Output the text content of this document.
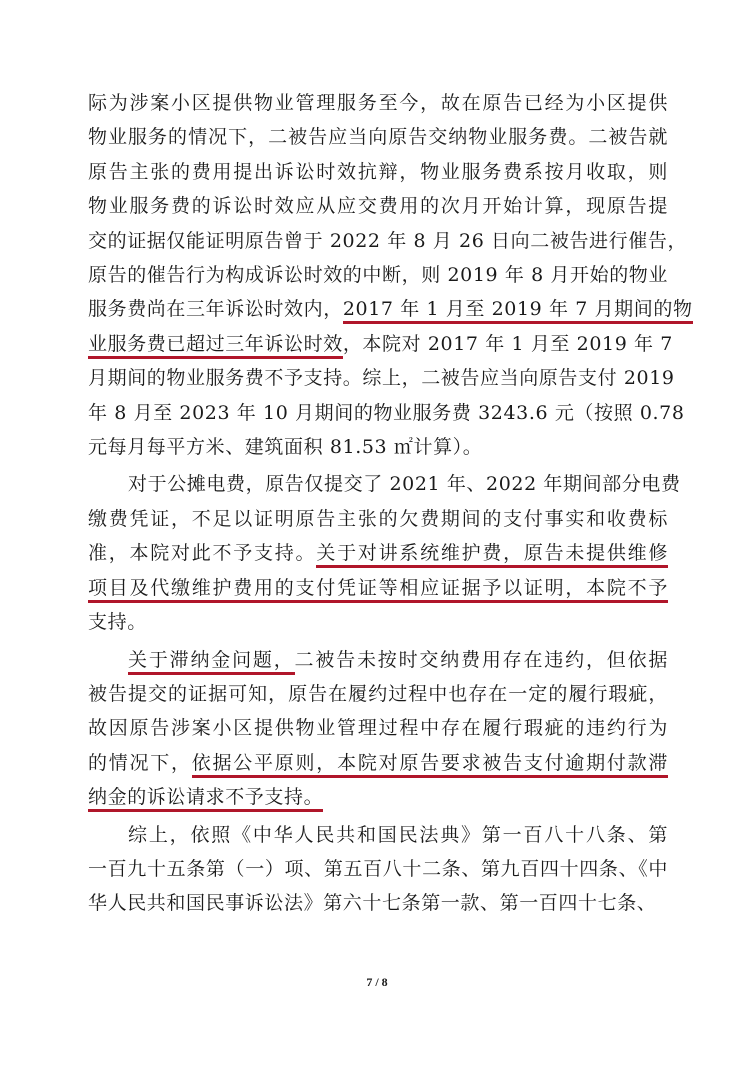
际为涉案小区提供物业管理服务至今，故在原告已经为小区提供
物业服务的情况下，二被告应当向原告交纳物业服务费。二被告就
原告主张的费用提出诉讼时效抗辩，物业服务费系按月收取，则
物业服务费的诉讼时效应从应交费用的次月开始计算，现原告提
交的证据仅能证明原告曾于 2022 年 8 月 26 日向二被告进行催告，
原告的催告行为构成诉讼时效的中断，则 2019 年 8 月开始的物业
服务费尚在三年诉讼时效内，2017 年 1 月至 2019 年 7 月期间的物
业服务费已超过三年诉讼时效，本院对 2017 年 1 月至 2019 年 7
月期间的物业服务费不予支持。综上，二被告应当向原告支付 2019
年 8 月至 2023 年 10 月期间的物业服务费 3243.6 元（按照 0.78
元每月每平方米、建筑面积 81.53 ㎡计算）。
对于公摊电费，原告仅提交了 2021 年、2022 年期间部分电费
缴费凭证，不足以证明原告主张的欠费期间的支付事实和收费标
准，本院对此不予支持。关于对讲系统维护费，原告未提供维修
项目及代缴维护费用的支付凭证等相应证据予以证明，本院不予
支持。
关于滞纳金问题，二被告未按时交纳费用存在违约，但依据
被告提交的证据可知，原告在履约过程中也存在一定的履行瑕疵，
故因原告涉案小区提供物业管理过程中存在履行瑕疵的违约行为
的情况下，依据公平原则，本院对原告要求被告支付逾期付款滞
纳金的诉讼请求不予支持。
综上，依照《中华人民共和国民法典》第一百八十八条、第
一百九十五条第（一）项、第五百八十二条、第九百四十四条、《中
华人民共和国民事诉讼法》第六十七条第一款、第一百四十七条、
7 / 8
